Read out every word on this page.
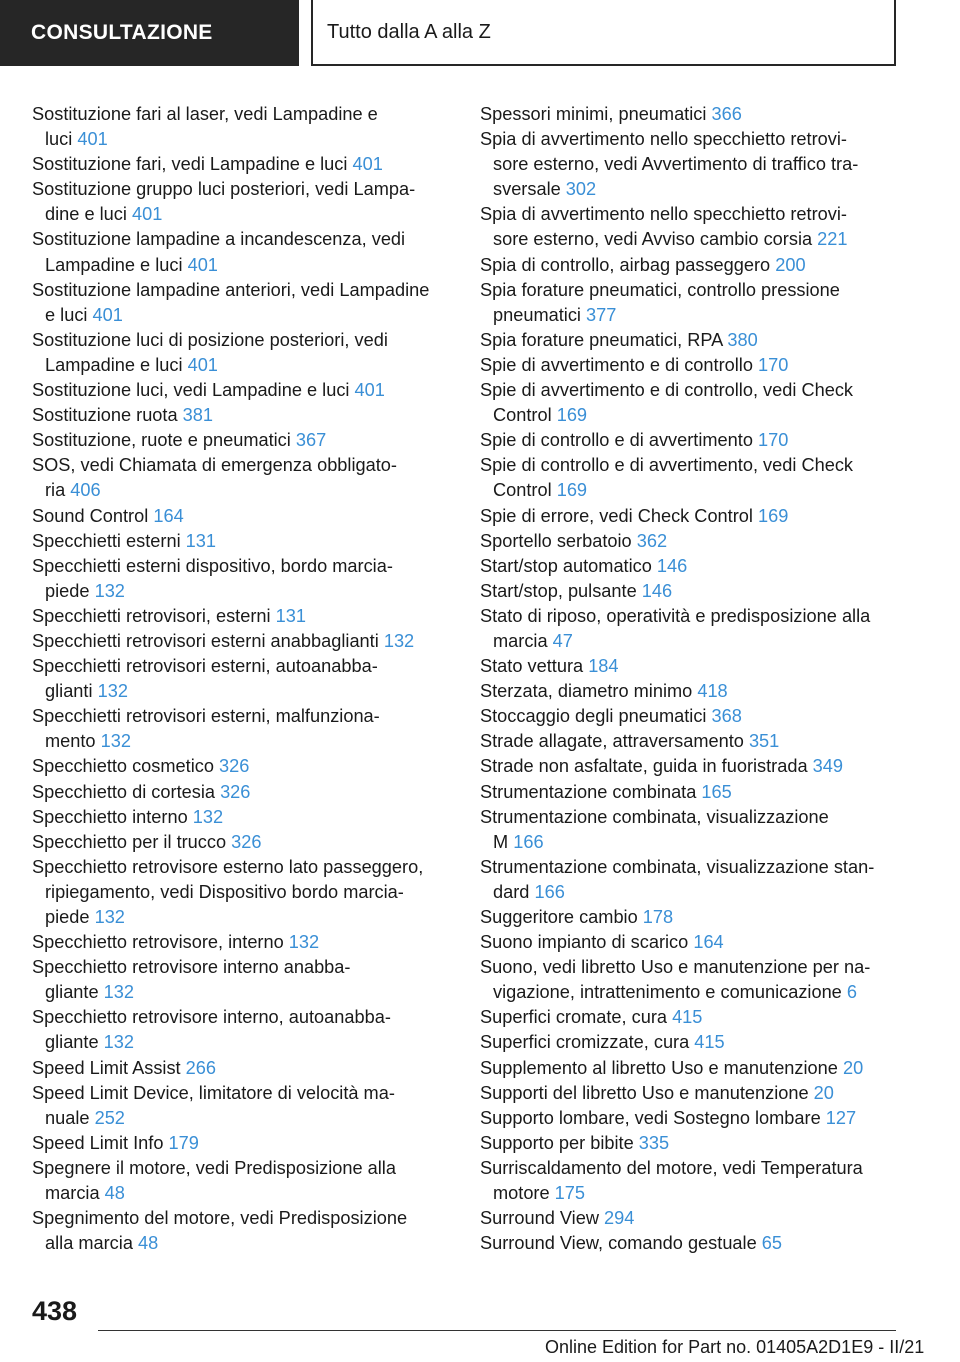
CONSULTAZIONE	Tutto dalla A alla Z
Sostituzione fari al laser, vedi Lampadine e
luci 401
Sostituzione fari, vedi Lampadine e luci 401
Sostituzione gruppo luci posteriori, vedi Lampa‐
dine e luci 401
Sostituzione lampadine a incandescenza, vedi
Lampadine e luci 401
Sostituzione lampadine anteriori, vedi Lampadine
e luci 401
Sostituzione luci di posizione posteriori, vedi
Lampadine e luci 401
Sostituzione luci, vedi Lampadine e luci 401
Sostituzione ruota 381
Sostituzione, ruote e pneumatici 367
SOS, vedi Chiamata di emergenza obbligato‐
ria 406
Sound Control 164
Specchietti esterni 131
Specchietti esterni dispositivo, bordo marcia‐
piede 132
Specchietti retrovisori, esterni 131
Specchietti retrovisori esterni anabbaglianti 132
Specchietti retrovisori esterni, autoanabba‐
glianti 132
Specchietti retrovisori esterni, malfunziona‐
mento 132
Specchietto cosmetico 326
Specchietto di cortesia 326
Specchietto interno 132
Specchietto per il trucco 326
Specchietto retrovisore esterno lato passeggero,
ripiegamento, vedi Dispositivo bordo marcia‐
piede 132
Specchietto retrovisore, interno 132
Specchietto retrovisore interno anabba‐
gliante 132
Specchietto retrovisore interno, autoanabba‐
gliante 132
Speed Limit Assist 266
Speed Limit Device, limitatore di velocità ma‐
nuale 252
Speed Limit Info 179
Spegnere il motore, vedi Predisposizione alla
marcia 48
Spegnimento del motore, vedi Predisposizione
alla marcia 48
Spessori minimi, pneumatici 366
Spia di avvertimento nello specchietto retrovi‐
sore esterno, vedi Avvertimento di traffico tra‐
sversale 302
Spia di avvertimento nello specchietto retrovi‐
sore esterno, vedi Avviso cambio corsia 221
Spia di controllo, airbag passeggero 200
Spia forature pneumatici, controllo pressione
pneumatici 377
Spia forature pneumatici, RPA 380
Spie di avvertimento e di controllo 170
Spie di avvertimento e di controllo, vedi Check
Control 169
Spie di controllo e di avvertimento 170
Spie di controllo e di avvertimento, vedi Check
Control 169
Spie di errore, vedi Check Control 169
Sportello serbatoio 362
Start/stop automatico 146
Start/stop, pulsante 146
Stato di riposo, operatività e predisposizione alla
marcia 47
Stato vettura 184
Sterzata, diametro minimo 418
Stoccaggio degli pneumatici 368
Strade allagate, attraversamento 351
Strade non asfaltate, guida in fuoristrada 349
Strumentazione combinata 165
Strumentazione combinata, visualizzazione
M 166
Strumentazione combinata, visualizzazione stan‐
dard 166
Suggeritore cambio 178
Suono impianto di scarico 164
Suono, vedi libretto Uso e manutenzione per na‐
vigazione, intrattenimento e comunicazione 6
Superfici cromate, cura 415
Superfici cromizzate, cura 415
Supplemento al libretto Uso e manutenzione 20
Supporti del libretto Uso e manutenzione 20
Supporto lombare, vedi Sostegno lombare 127
Supporto per bibite 335
Surriscaldamento del motore, vedi Temperatura
motore 175
Surround View 294
Surround View, comando gestuale 65
438
Online Edition for Part no. 01405A2D1E9 - II/21
